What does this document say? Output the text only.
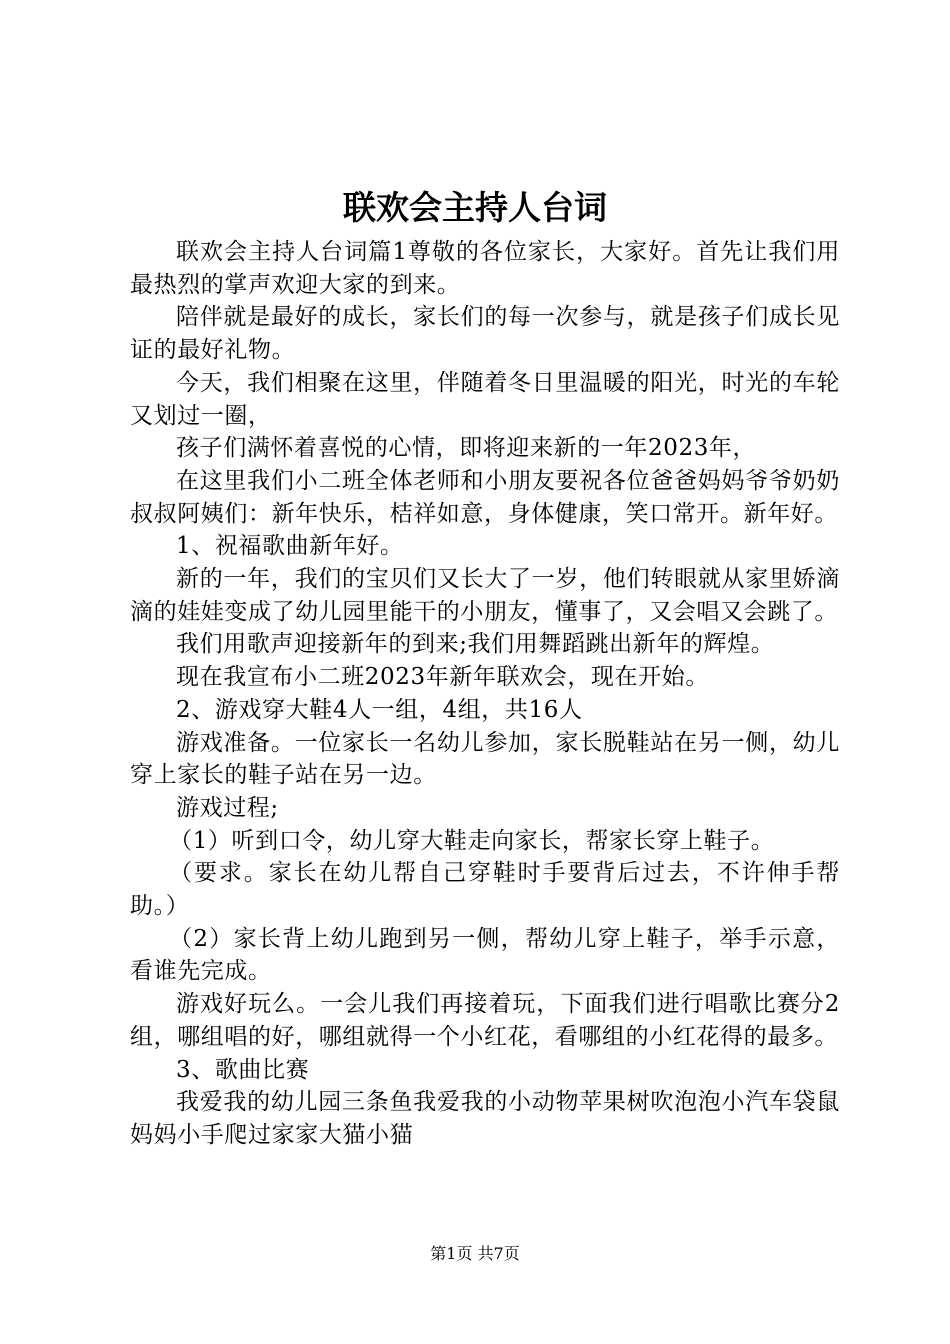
联欢会主持人台词

联欢会主持人台词篇1尊敬的各位家长，大家好。首先让我们用最热烈的掌声欢迎大家的到来。

陪伴就是最好的成长，家长们的每一次参与，就是孩子们成长见证的最好礼物。

今天，我们相聚在这里，伴随着冬日里温暖的阳光，时光的车轮又划过一圈，

孩子们满怀着喜悦的心情，即将迎来新的一年2023年，

在这里我们小二班全体老师和小朋友要祝各位爸爸妈妈爷爷奶奶叔叔阿姨们：新年快乐，桔祥如意，身体健康，笑口常开。新年好。

1、祝福歌曲新年好。

新的一年，我们的宝贝们又长大了一岁，他们转眼就从家里娇滴滴的娃娃变成了幼儿园里能干的小朋友，懂事了，又会唱又会跳了。

我们用歌声迎接新年的到来;我们用舞蹈跳出新年的辉煌。

现在我宣布小二班2023年新年联欢会，现在开始。

2、游戏穿大鞋4人一组，4组，共16人

游戏准备。一位家长一名幼儿参加，家长脱鞋站在另一侧，幼儿穿上家长的鞋子站在另一边。

游戏过程;

（1）听到口令，幼儿穿大鞋走向家长，帮家长穿上鞋子。

（要求。家长在幼儿帮自己穿鞋时手要背后过去，不许伸手帮助。）

（2）家长背上幼儿跑到另一侧，帮幼儿穿上鞋子，举手示意，看谁先完成。

游戏好玩么。一会儿我们再接着玩，下面我们进行唱歌比赛分2组，哪组唱的好，哪组就得一个小红花，看哪组的小红花得的最多。

3、歌曲比赛

我爱我的幼儿园三条鱼我爱我的小动物苹果树吹泡泡小汽车袋鼠妈妈小手爬过家家大猫小猫

第1页 共7页
